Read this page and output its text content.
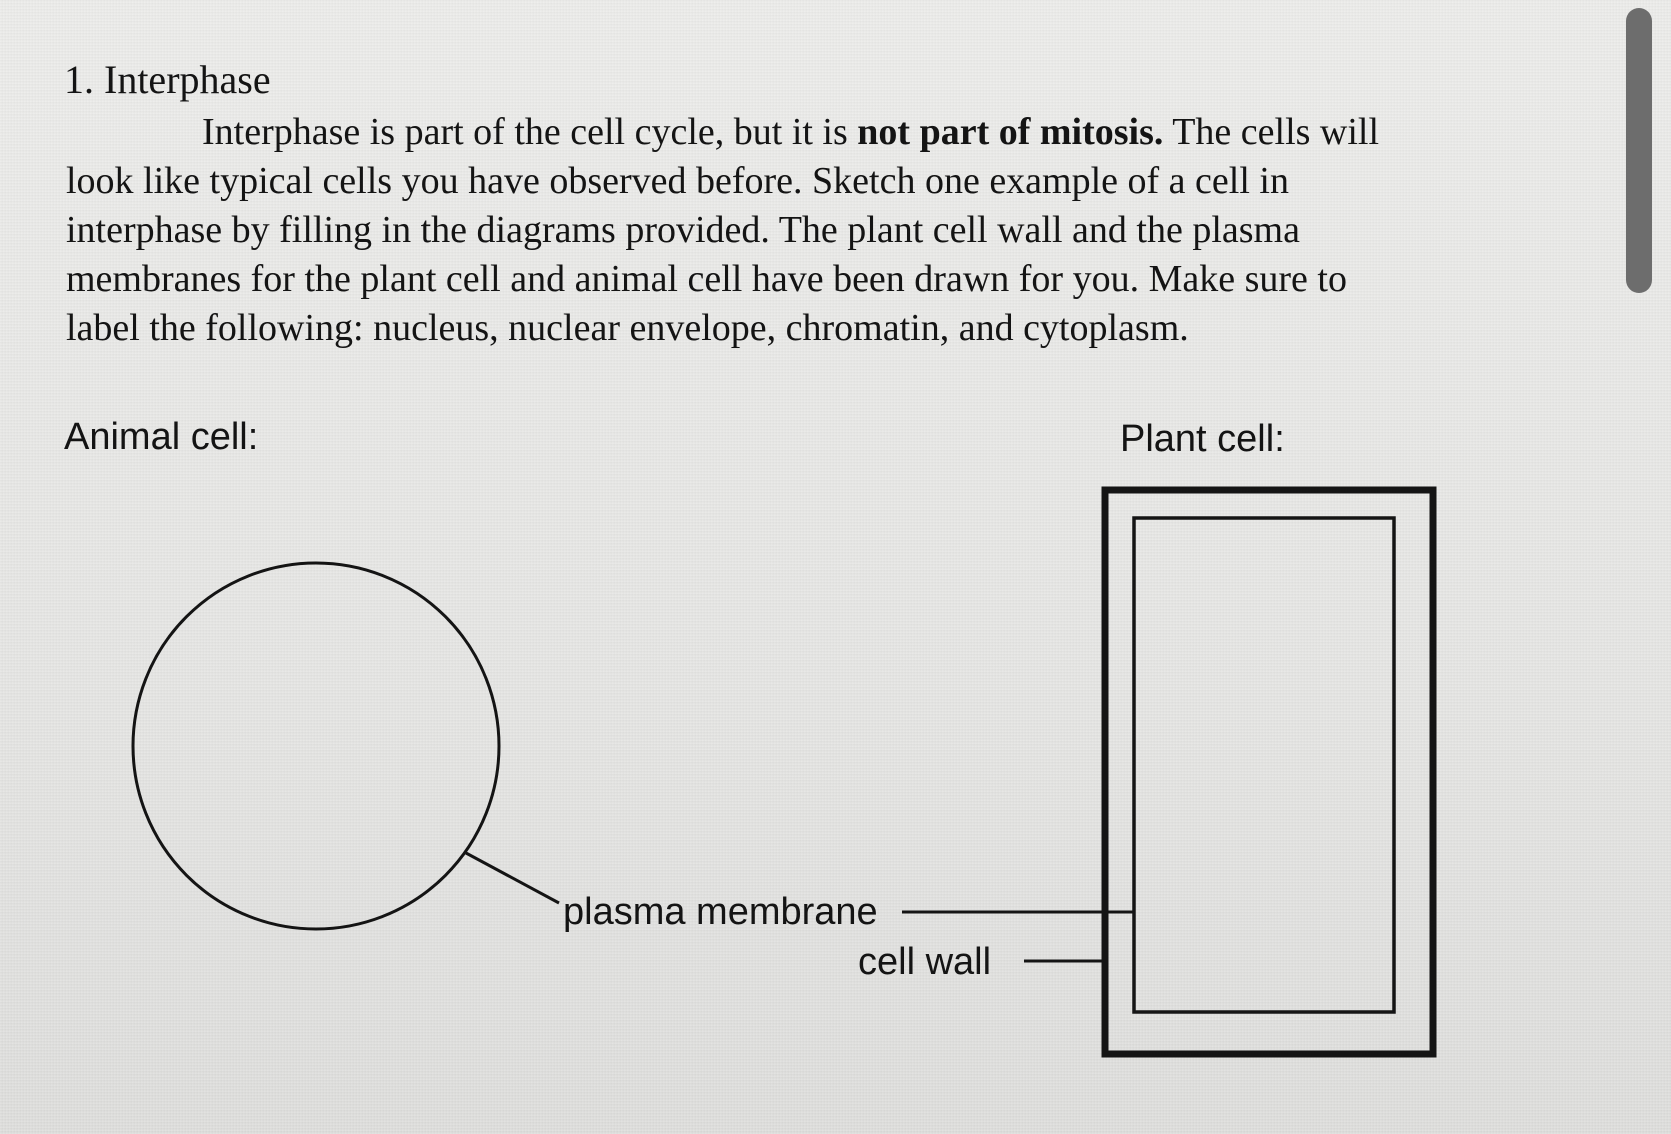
1. Interphase
Interphase is part of the cell cycle, but it is not part of mitosis. The cells will
look like typical cells you have observed before. Sketch one example of a cell in
interphase by filling in the diagrams provided. The plant cell wall and the plasma
membranes for the plant cell and animal cell have been drawn for you. Make sure to
label the following: nucleus, nuclear envelope, chromatin, and cytoplasm.
Animal cell:	Plant cell:
plasma membrane
cell wall
